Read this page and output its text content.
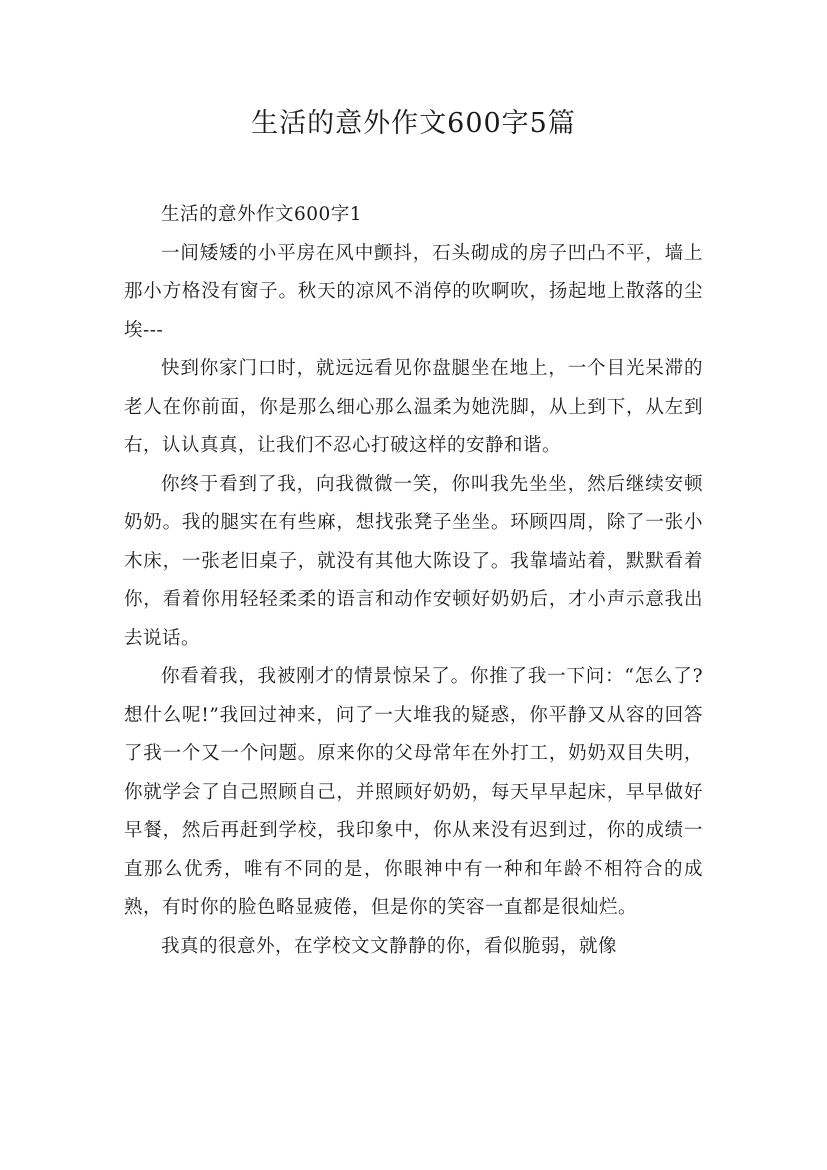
生活的意外作文600字5篇

生活的意外作文600字1

一间矮矮的小平房在风中颤抖，石头砌成的房子凹凸不平，墙上那小方格没有窗子。秋天的凉风不消停的吹啊吹，扬起地上散落的尘埃---

快到你家门口时，就远远看见你盘腿坐在地上，一个目光呆滞的老人在你前面，你是那么细心那么温柔为她洗脚，从上到下，从左到右，认认真真，让我们不忍心打破这样的安静和谐。

你终于看到了我，向我微微一笑，你叫我先坐坐，然后继续安顿奶奶。我的腿实在有些麻，想找张凳子坐坐。环顾四周，除了一张小木床，一张老旧桌子，就没有其他大陈设了。我靠墙站着，默默看着你，看着你用轻轻柔柔的语言和动作安顿好奶奶后，才小声示意我出去说话。

你看着我，我被刚才的情景惊呆了。你推了我一下问：“怎么了?想什么呢!”我回过神来，问了一大堆我的疑惑，你平静又从容的回答了我一个又一个问题。原来你的父母常年在外打工，奶奶双目失明，你就学会了自己照顾自己，并照顾好奶奶，每天早早起床，早早做好早餐，然后再赶到学校，我印象中，你从来没有迟到过，你的成绩一直那么优秀，唯有不同的是，你眼神中有一种和年龄不相符合的成熟，有时你的脸色略显疲倦，但是你的笑容一直都是很灿烂。

我真的很意外，在学校文文静静的你，看似脆弱，就像
